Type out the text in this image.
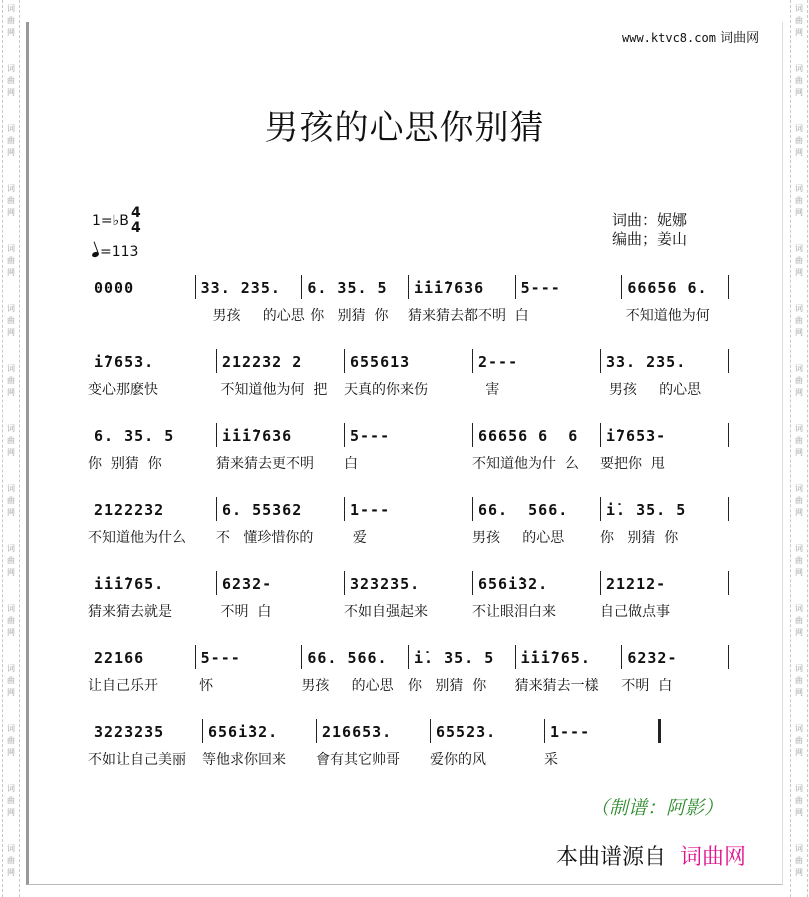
词
曲
网
词
曲
网
词
曲
网
词
曲
网
词
曲
网
词
曲
网
词
曲
网
词
曲
网
词
曲
网
词
曲
网
词
曲
网
词
曲
网
词
曲
网
词
曲
网
词
曲
网
词
曲
网
词
曲
网
词
曲
网
词
曲
网
词
曲
网
词
曲
网
词
曲
网
词
曲
网
词
曲
网
词
曲
网
词
曲
网
词
曲
网
词
曲
网
词
曲
网
词
曲
网
www.ktvc8.com 词曲网
男孩的心思你别猜
1=♭B 4
4
=113
词曲：妮娜
编曲；姜山
0000	33. 235.
男孩     的心思
6. 35. 5
你   别猜  你
i̇i̇i̇7636
猜来猜去都不明
5---
白
66656 6.
不知道他为何
i̇7653.
变心那麽快
212232 2
不知道他为何  把
655613
天真的你来伤
2---
害
33. 235.
男孩     的心思
6. 35. 5
你  别猜  你
i̇i̇i̇7636
猜来猜去更不明
5---
白
66656 6  6
不知道他为什  么
i̇7653-
要把你  甩
2122232
不知道他为什么
6. 55362
不   懂珍惜你的
1---
爱
66.  566.
男孩     的心思
i̇. 35. 5
你   别猜  你
i̇i̇i̇765.
猜来猜去就是
6232-
不明  白
323235.
不如自强起来
656i̇32.
不让眼泪白来
21212-
自己做点事
22166
让自己乐开
5---
怀
66. 566.
男孩     的心思
i̇. 35. 5
你   别猜  你
i̇i̇i̇765.
猜来猜去一樣
6232-
不明  白
3223235
不如让自己美丽
656i̇32.
等他求你回来
216653.
會有其它帅哥
65523.
爱你的风
1---
采
（制谱：阿影）
本曲谱源自 词曲网
